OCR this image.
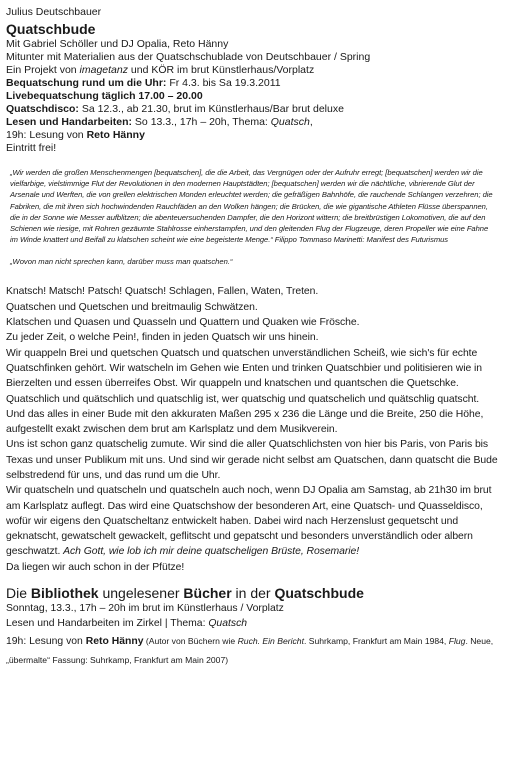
Julius Deutschbauer
Quatschbude
Mit Gabriel Schöller und DJ Opalia, Reto Hänny
Mitunter mit Materialien aus der Quatschschublade von Deutschbauer / Spring
Ein Projekt von imagetanz und KÖR im brut Künstlerhaus/Vorplatz
Bequatschung rund um die Uhr: Fr 4.3. bis Sa 19.3.2011
Livebequatschung täglich 17.00 – 20.00
Quatschdisco: Sa 12.3., ab 21.30, brut im Künstlerhaus/Bar brut deluxe
Lesen und Handarbeiten: So 13.3., 17h – 20h, Thema: Quatsch,
19h: Lesung von Reto Hänny
Eintritt frei!
„Wir werden die großen Menschenmengen [bequatschen], die die Arbeit, das Vergnügen oder der Aufruhr erregt; [bequatschen] werden wir die vielfarbige, vielstimmige Flut der Revolutionen in den modernen Hauptstädten; [bequatschen] werden wir die nächtliche, vibrierende Glut der Arsenale und Werften, die von grellen elektrischen Monden erleuchtet werden; die gefräßigen Bahnhöfe, die rauchende Schlangen verzehren; die Fabriken, die mit ihren sich hochwindenden Rauchfäden an den Wolken hängen; die Brücken, die wie gigantische Athleten Flüsse überspannen, die in der Sonne wie Messer aufblitzen; die abenteuersuchenden Dampfer, die den Horizont wittern; die breitbrüstigen Lokomotiven, die auf den Schienen wie riesige, mit Rohren gezäumte Stahlrosse einherstampfen, und den gleitenden Flug der Flugzeuge, deren Propeller wie eine Fahne im Winde knattert und Beifall zu klatschen scheint wie eine begeisterte Menge.“ Filippo Tommaso Marinetti: Manifest des Futurismus
„Wovon man nicht sprechen kann, darüber muss man quatschen.“

Knatsch! Matsch! Patsch! Quatsch! Schlagen, Fallen, Waten, Treten.

Quatschen und Quetschen und breitmaulig Schwätzen.

Klatschen und Quasen und Quasseln und Quattern und Quaken wie Frösche.

Zu jeder Zeit, o welche Pein!, finden in jeden Quatsch wir uns hinein.

Wir quappeln Brei und quetschen Quatsch und quatschen unverständlichen Scheiß, wie sich's für echte Quatschfinken gehört. Wir watscheln im Gehen wie Enten und trinken Quatschbier und politisieren wie in Bierzelten und essen überreifes Obst. Wir quappeln und knatschen und quantschen die Quetschke. Quatschlich und quätschlich und quatschlig ist, wer quatschig und quatschelich und quätschlig quatscht.

Und das alles in einer Bude mit den akkuraten Maßen 295 x 236 die Länge und die Breite, 250 die Höhe, aufgestellt exakt zwischen dem brut am Karlsplatz und dem Musikverein.

Uns ist schon ganz quatschelig zumute. Wir sind die aller Quatschlichsten von hier bis Paris, von Paris bis Texas und unser Publikum mit uns. Und sind wir gerade nicht selbst am Quatschen, dann quatscht die Bude selbstredend für uns, und das rund um die Uhr.

Wir quatscheln und quatscheln und quatscheln auch noch, wenn DJ Opalia am Samstag, ab 21h30 im brut am Karlsplatz auflegt. Das wird eine Quatschshow der besonderen Art, eine Quatsch- und Quasseldisco, wofür wir eigens den Quatscheltanz entwickelt haben. Dabei wird nach Herzenslust gequetscht und geknatscht, gewatschelt gewackelt, geflitscht und gepatscht und besonders unverständlich oder albern geschwatzt. Ach Gott, wie lob ich mir deine quatscheligen Brüste, Rosemarie!

Da liegen wir auch schon in der Pfütze!

Die Bibliothek ungelesener Bücher in der Quatschbude
Sonntag, 13.3., 17h – 20h im brut im Künstlerhaus / Vorplatz
Lesen und Handarbeiten im Zirkel | Thema: Quatsch
19h: Lesung von Reto Hänny (Autor von Büchern wie Ruch. Ein Bericht. Suhrkamp, Frankfurt am Main 1984, Flug. Neue, „übermalte“ Fassung: Suhrkamp, Frankfurt am Main 2007)
